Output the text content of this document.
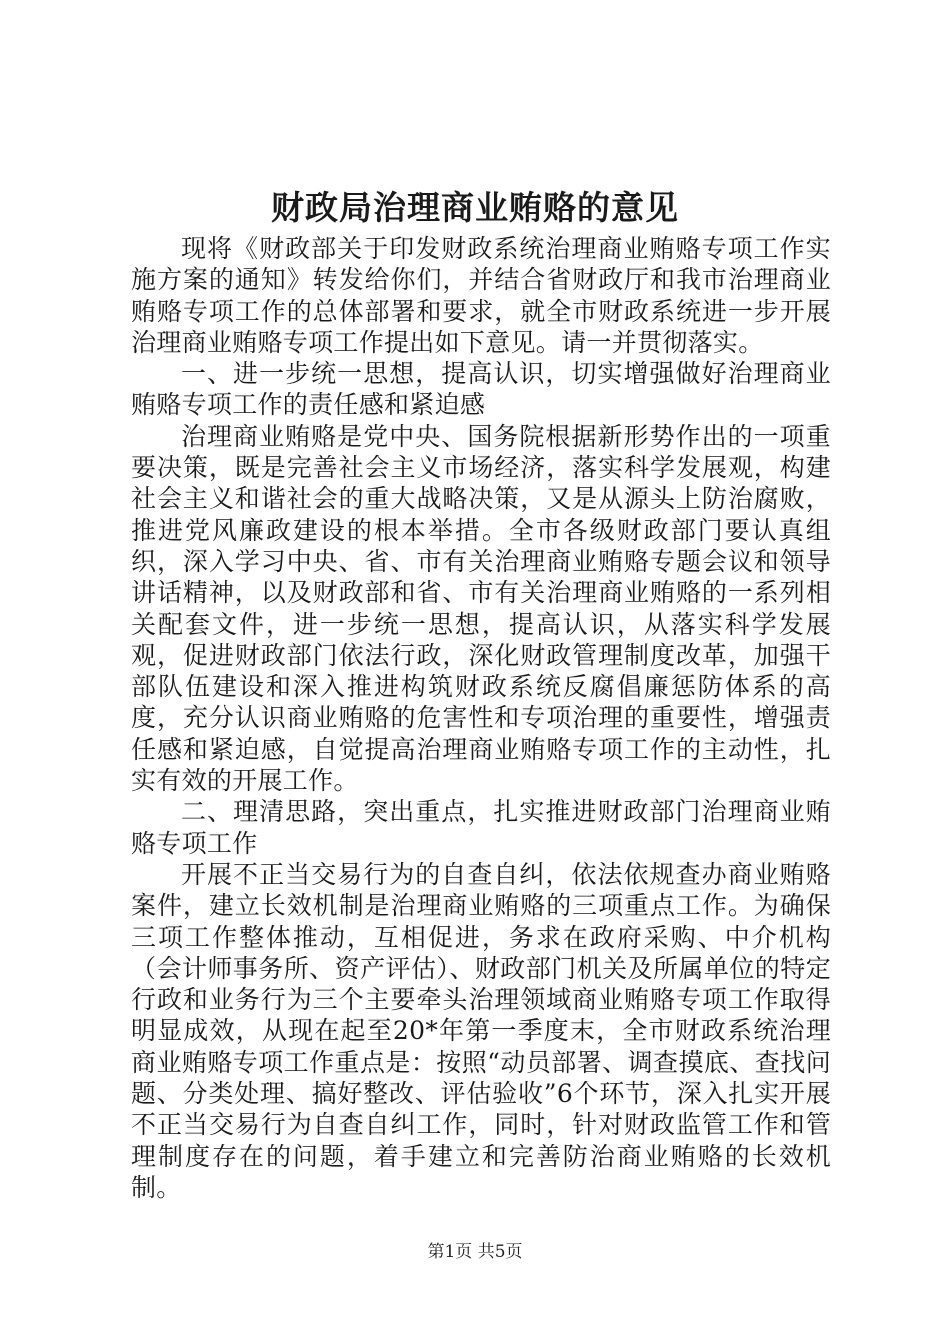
财政局治理商业贿赂的意见

现将《财政部关于印发财政系统治理商业贿赂专项工作实施方案的通知》转发给你们，并结合省财政厅和我市治理商业贿赂专项工作的总体部署和要求，就全市财政系统进一步开展治理商业贿赂专项工作提出如下意见。请一并贯彻落实。

一、进一步统一思想，提高认识，切实增强做好治理商业贿赂专项工作的责任感和紧迫感

治理商业贿赂是党中央、国务院根据新形势作出的一项重要决策，既是完善社会主义市场经济，落实科学发展观，构建社会主义和谐社会的重大战略决策，又是从源头上防治腐败，推进党风廉政建设的根本举措。全市各级财政部门要认真组织，深入学习中央、省、市有关治理商业贿赂专题会议和领导讲话精神，以及财政部和省、市有关治理商业贿赂的一系列相关配套文件，进一步统一思想，提高认识，从落实科学发展观，促进财政部门依法行政，深化财政管理制度改革，加强干部队伍建设和深入推进构筑财政系统反腐倡廉惩防体系的高度，充分认识商业贿赂的危害性和专项治理的重要性，增强责任感和紧迫感，自觉提高治理商业贿赂专项工作的主动性，扎实有效的开展工作。

二、理清思路，突出重点，扎实推进财政部门治理商业贿赂专项工作

开展不正当交易行为的自查自纠，依法依规查办商业贿赂案件，建立长效机制是治理商业贿赂的三项重点工作。为确保三项工作整体推动，互相促进，务求在政府采购、中介机构（会计师事务所、资产评估）、财政部门机关及所属单位的特定行政和业务行为三个主要牵头治理领域商业贿赂专项工作取得明显成效，从现在起至20*年第一季度末，全市财政系统治理商业贿赂专项工作重点是：按照“动员部署、调查摸底、查找问题、分类处理、搞好整改、评估验收”6个环节，深入扎实开展不正当交易行为自查自纠工作，同时，针对财政监管工作和管理制度存在的问题，着手建立和完善防治商业贿赂的长效机制。

第1页 共5页
